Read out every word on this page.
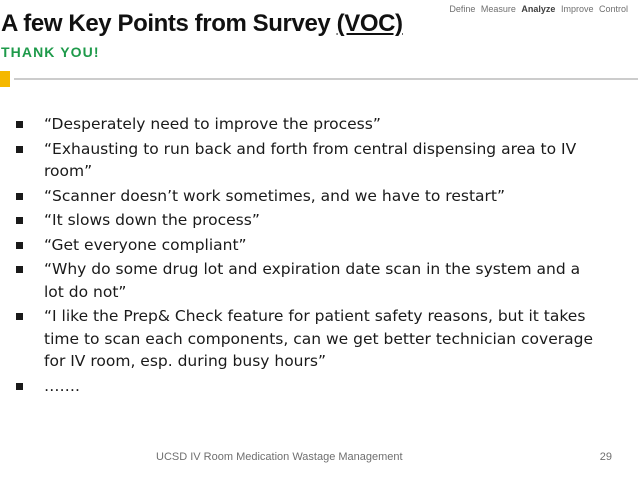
Define Measure Analyze Improve Control
A few Key Points from Survey (VOC)
THANK YOU!
“Desperately need to improve the process”
“Exhausting to run back and forth from central dispensing area to IV room”
“Scanner doesn’t work sometimes, and we have to restart”
“It slows down the process”
“Get everyone compliant”
“Why do some drug lot and expiration date scan in the system and a lot do not”
“I like the Prep& Check feature for patient safety reasons, but it takes time to scan each components, can we get better technician coverage for IV room, esp. during busy hours”
…….
UCSD IV Room Medication Wastage Management	29
